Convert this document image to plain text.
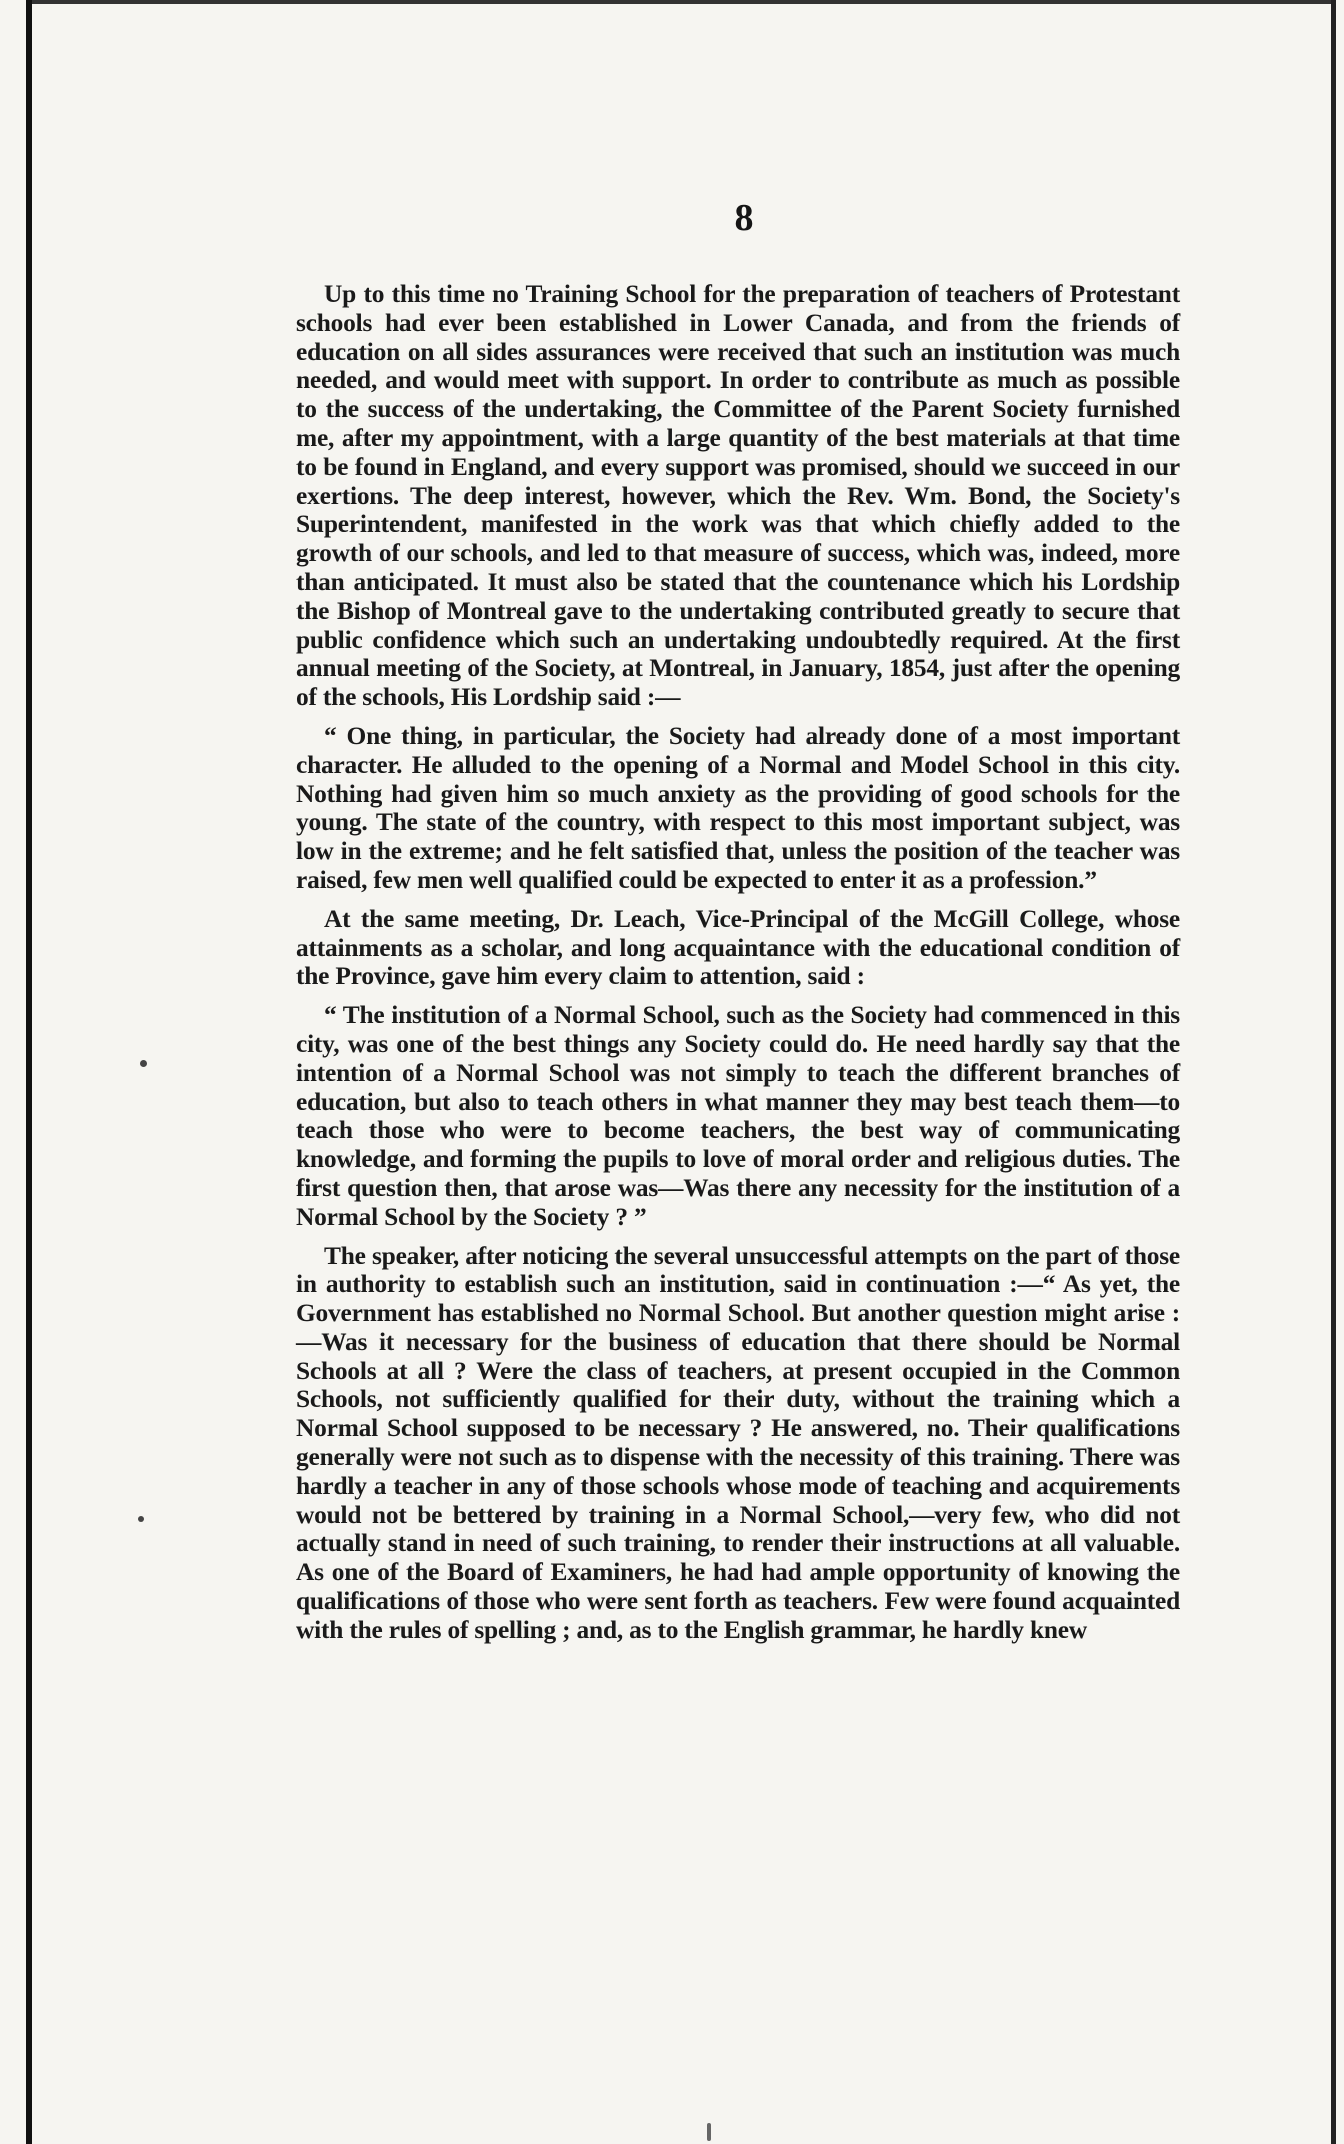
8

Up to this time no Training School for the preparation of teachers of Protestant schools had ever been established in Lower Canada, and from the friends of education on all sides assurances were received that such an institution was much needed, and would meet with support. In order to contribute as much as possible to the success of the undertaking, the Committee of the Parent Society furnished me, after my appointment, with a large quantity of the best materials at that time to be found in England, and every support was promised, should we succeed in our exertions. The deep interest, however, which the Rev. Wm. Bond, the Society's Superintendent, manifested in the work was that which chiefly added to the growth of our schools, and led to that measure of success, which was, indeed, more than anticipated. It must also be stated that the countenance which his Lordship the Bishop of Montreal gave to the undertaking contributed greatly to secure that public confidence which such an undertaking undoubtedly required. At the first annual meeting of the Society, at Montreal, in January, 1854, just after the opening of the schools, His Lordship said :—

“ One thing, in particular, the Society had already done of a most important character. He alluded to the opening of a Normal and Model School in this city. Nothing had given him so much anxiety as the providing of good schools for the young. The state of the country, with respect to this most important subject, was low in the extreme; and he felt satisfied that, unless the position of the teacher was raised, few men well qualified could be expected to enter it as a profession.”

At the same meeting, Dr. Leach, Vice-Principal of the McGill College, whose attainments as a scholar, and long acquaintance with the educational condition of the Province, gave him every claim to attention, said :

“ The institution of a Normal School, such as the Society had commenced in this city, was one of the best things any Society could do. He need hardly say that the intention of a Normal School was not simply to teach the different branches of education, but also to teach others in what manner they may best teach them—to teach those who were to become teachers, the best way of communicating knowledge, and forming the pupils to love of moral order and religious duties. The first question then, that arose was—Was there any necessity for the institution of a Normal School by the Society ? ”

The speaker, after noticing the several unsuccessful attempts on the part of those in authority to establish such an institution, said in continuation :—“ As yet, the Government has established no Normal School. But another question might arise :—Was it necessary for the business of education that there should be Normal Schools at all ? Were the class of teachers, at present occupied in the Common Schools, not sufficiently qualified for their duty, without the training which a Normal School supposed to be necessary ? He answered, no. Their qualifications generally were not such as to dispense with the necessity of this training. There was hardly a teacher in any of those schools whose mode of teaching and acquirements would not be bettered by training in a Normal School,—very few, who did not actually stand in need of such training, to render their instructions at all valuable. As one of the Board of Examiners, he had had ample opportunity of knowing the qualifications of those who were sent forth as teachers. Few were found acquainted with the rules of spelling ; and, as to the English grammar, he hardly knew
